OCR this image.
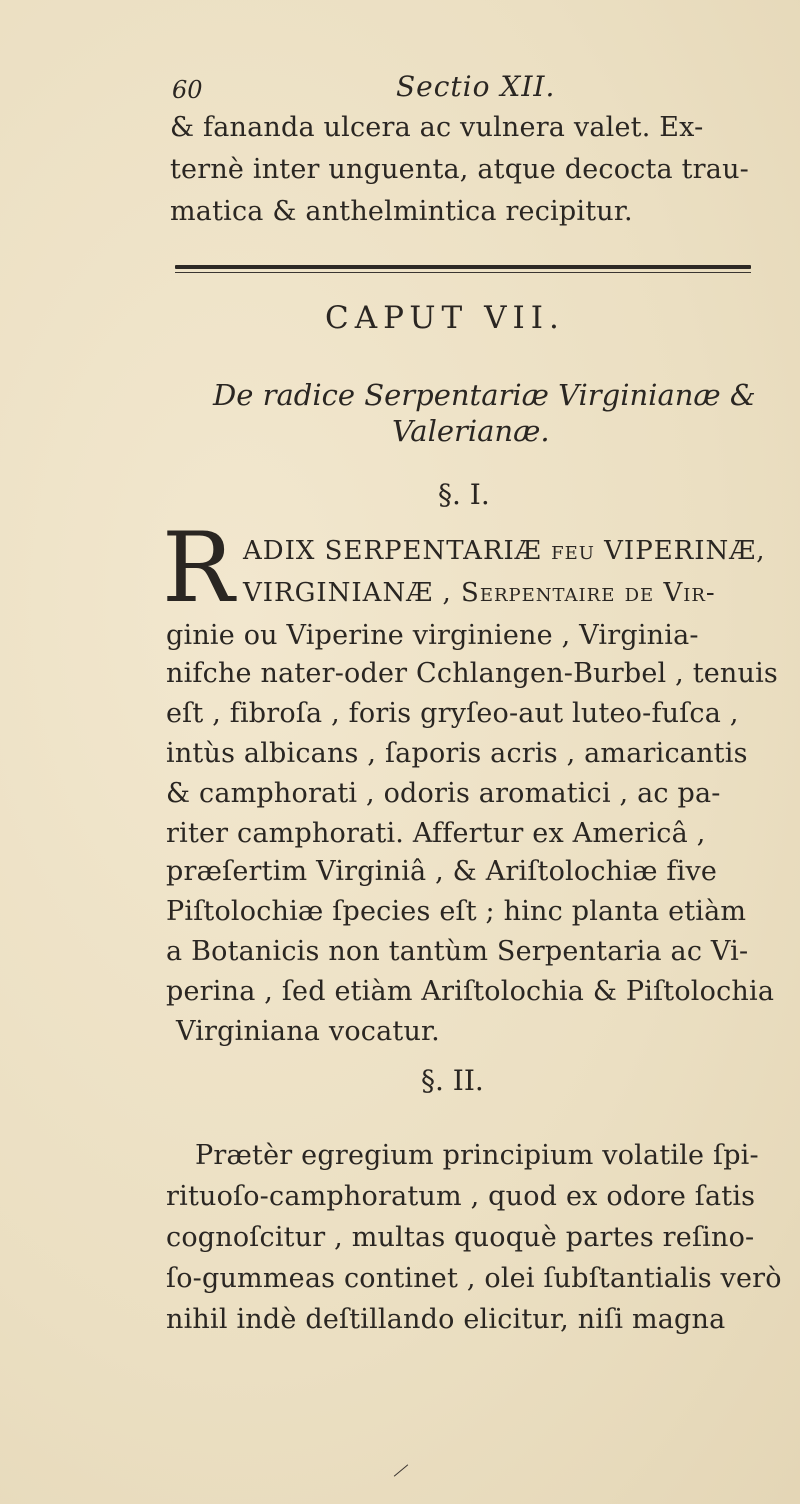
60	Sectio XII.
& fananda ulcera ac vulnera valet. Ex-
ternè inter unguenta, atque decocta trau-
matica & anthelmintica recipitur.
CAPUT VII.
De radice Serpentariæ Virginianæ &
Valerianæ.
§. I.
R ADIX SERPENTARIÆ feu VIPERINÆ,
VIRGINIANÆ , Serpentaire de Vir-
ginie ou Viperine virginiene , Virginia-
nifche nater-oder Cchlangen-Burbel , tenuis
eſt , fibroſa , foris gryſeo-aut luteo-fuſca ,
intùs albicans , ſaporis acris , amaricantis
& camphorati , odoris aromatici , ac pa-
riter camphorati. Affertur ex Americâ ,
præſertim Virginiâ , & Ariſtolochiæ five
§. II.
Prætèr egregium principium volatile ſpi-
rituoſo-camphoratum , quod ex odore ſatis
cognoſcitur , multas quoquè partes reſino-
ſo-gummeas continet , olei ſubſtantialis verò
nihil indè deſtillando elicitur, niſi magna
Piſtolochiæ ſpecies eſt ; hinc planta etiàm
a Botanicis non tantùm Serpentaria ac Vi-
perina , ſed etiàm Ariſtolochia & Piſtolochia
Virginiana vocatur.
